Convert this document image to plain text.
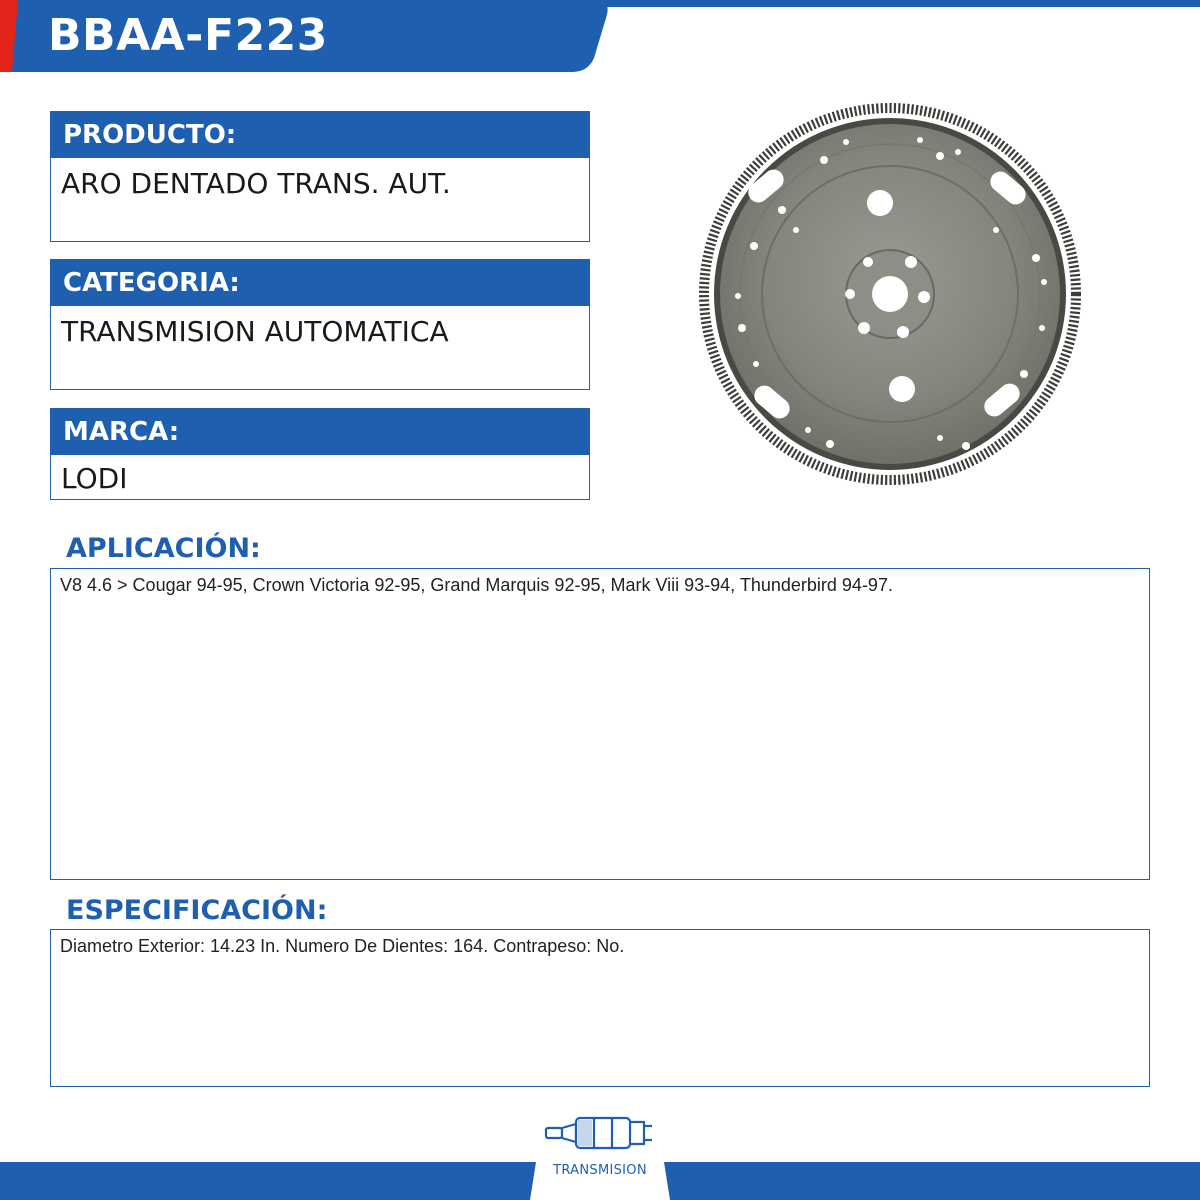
BBAA-F223
PRODUCTO:
ARO DENTADO TRANS. AUT.
CATEGORIA:
TRANSMISION AUTOMATICA
MARCA:
LODI
APLICACIÓN:
V8 4.6 > Cougar 94-95, Crown Victoria 92-95, Grand Marquis 92-95, Mark Viii 93-94, Thunderbird 94-97.
ESPECIFICACIÓN:
Diametro Exterior: 14.23 In. Numero De Dientes: 164. Contrapeso: No.
TRANSMISION
